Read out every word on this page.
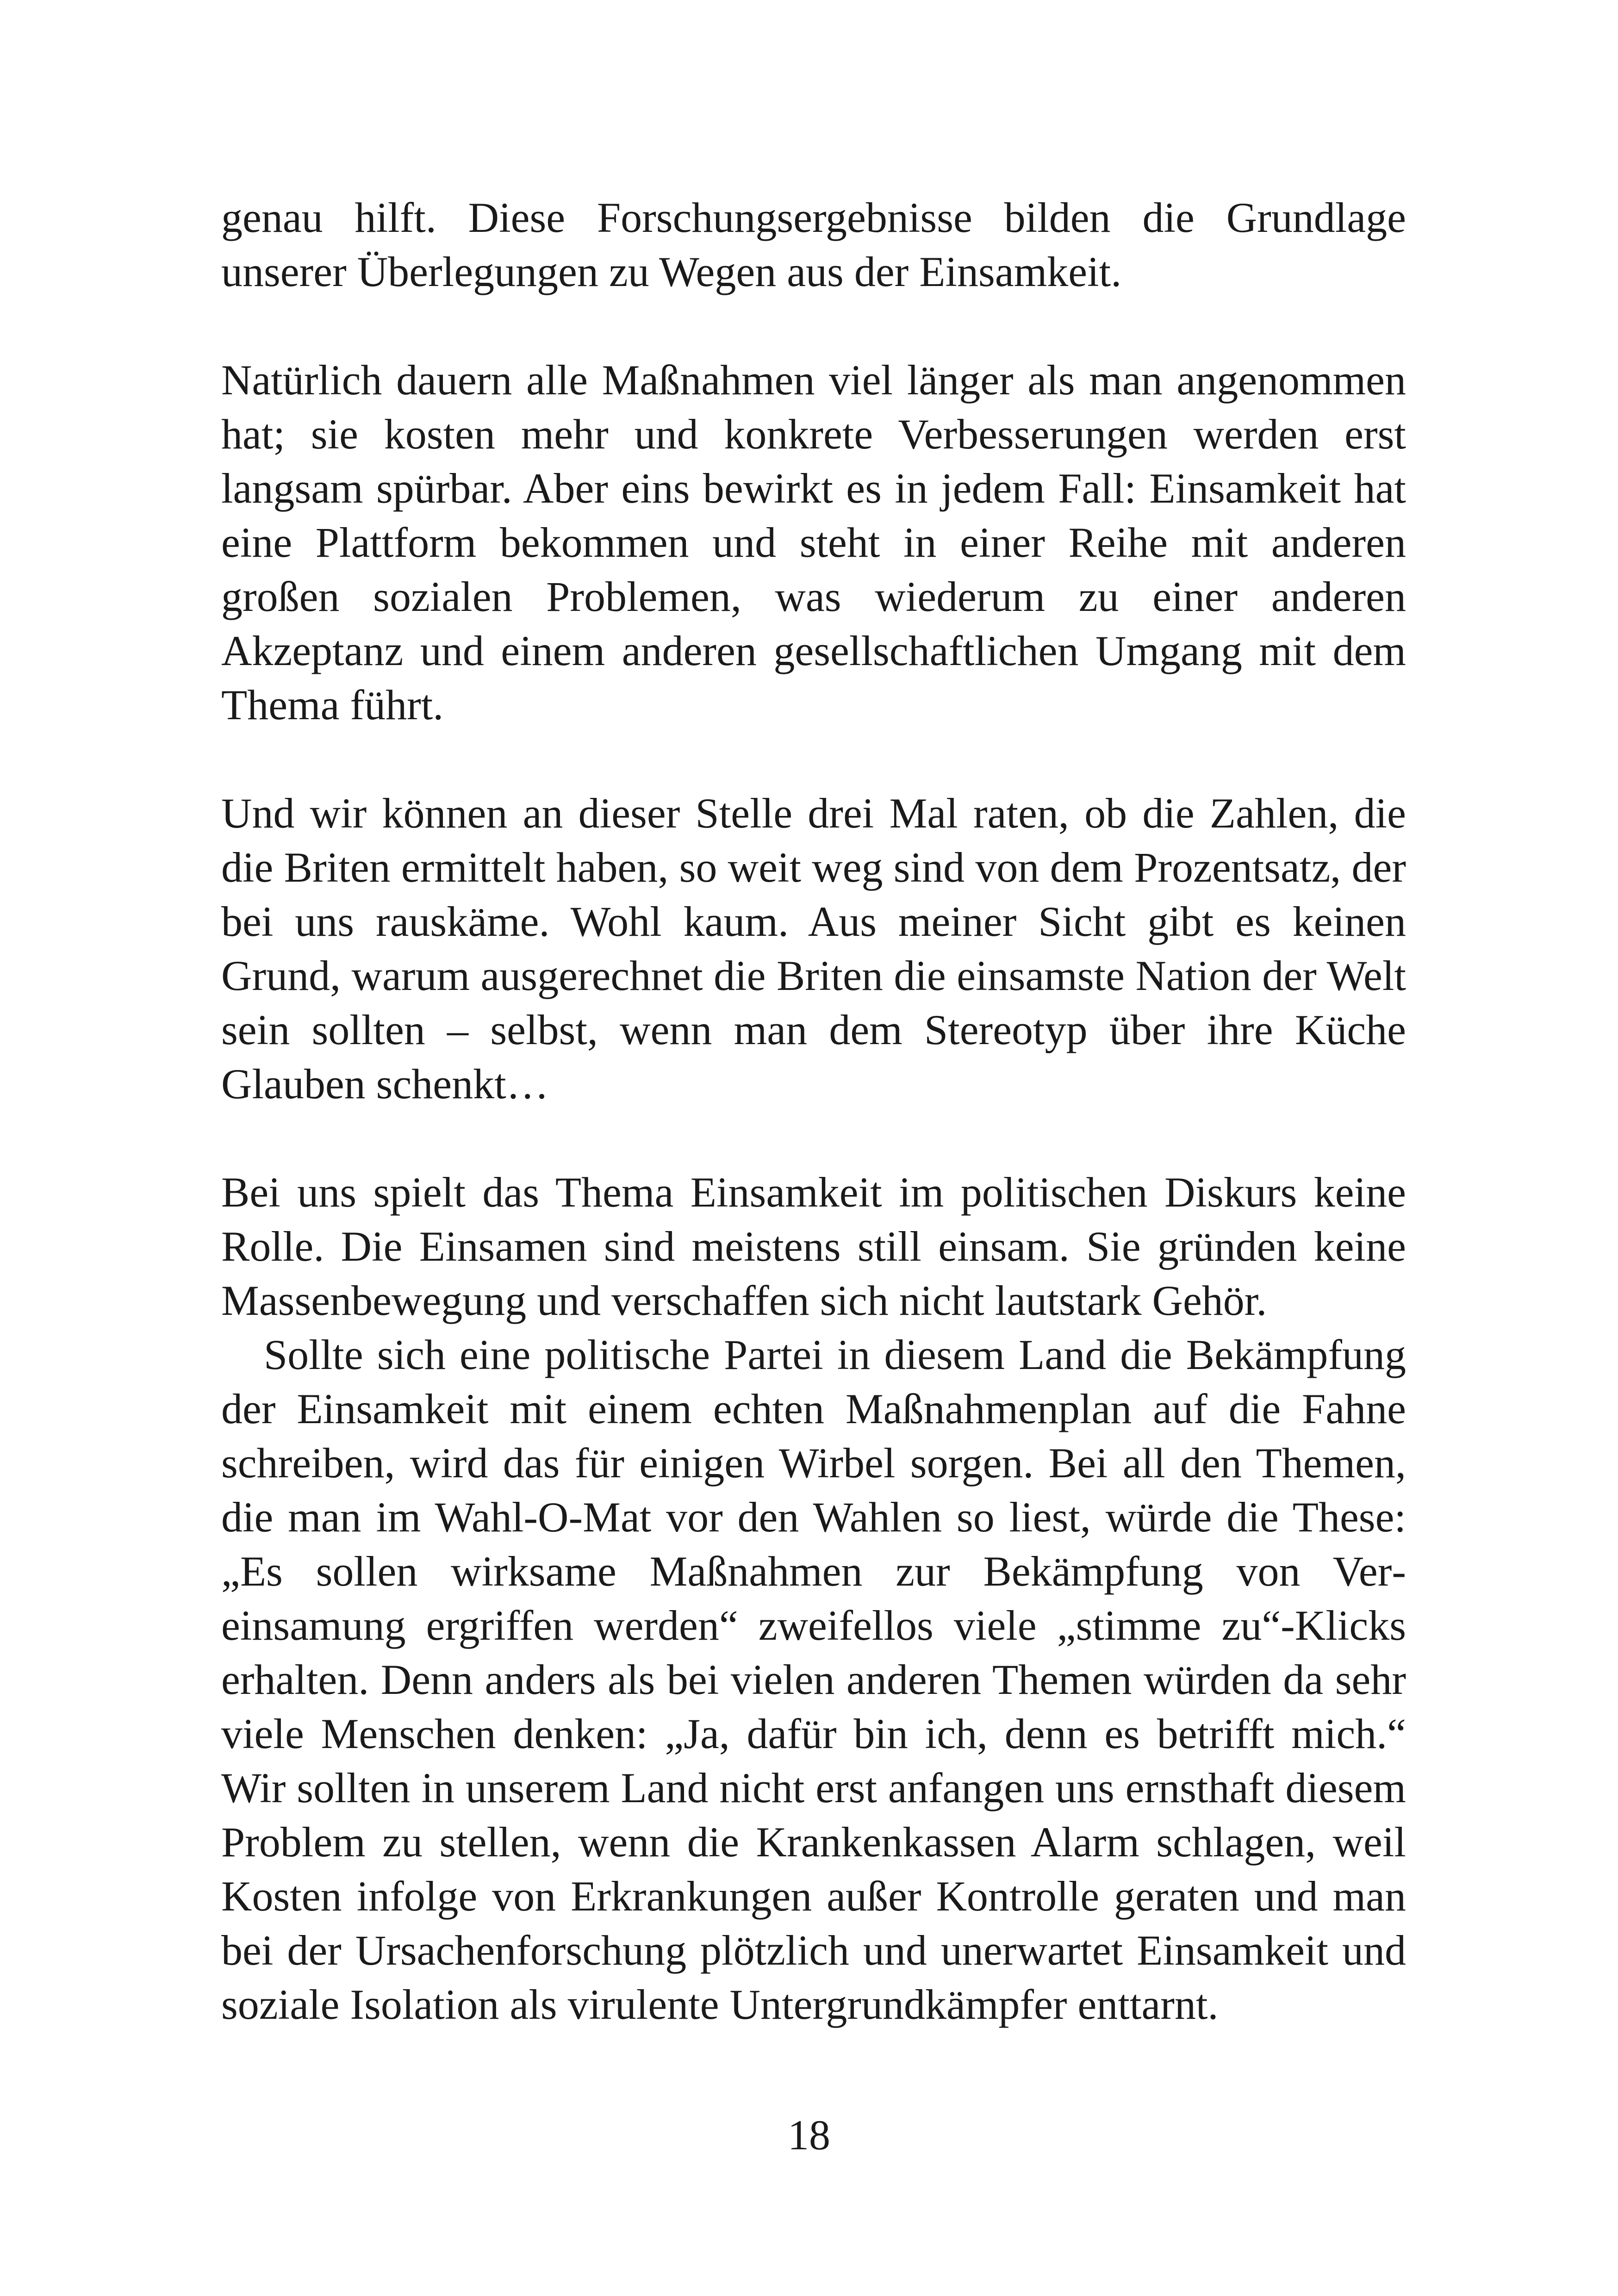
genau hilft. Diese Forschungsergebnisse bilden die Grundlage unserer Überlegungen zu Wegen aus der Einsamkeit.

Natürlich dauern alle Maßnahmen viel länger als man angenommen hat; sie kosten mehr und konkrete Verbesserungen werden erst langsam spürbar. Aber eins bewirkt es in jedem Fall: Einsamkeit hat eine Plattform bekommen und steht in einer Reihe mit anderen großen sozialen Problemen, was wiederum zu einer anderen Akzeptanz und einem anderen gesellschaftlichen Umgang mit dem Thema führt.

Und wir können an dieser Stelle drei Mal raten, ob die Zahlen, die die Briten ermittelt haben, so weit weg sind von dem Prozentsatz, der bei uns rauskäme. Wohl kaum. Aus meiner Sicht gibt es keinen Grund, warum ausgerechnet die Briten die einsamste Nation der Welt sein sollten – selbst, wenn man dem Stereotyp über ihre Küche Glauben schenkt…

Bei uns spielt das Thema Einsamkeit im politischen Diskurs keine Rolle. Die Einsamen sind meistens still einsam. Sie gründen keine Massenbewegung und verschaffen sich nicht lautstark Gehör.

Sollte sich eine politische Partei in diesem Land die Bekämpfung der Einsamkeit mit einem echten Maßnahmenplan auf die Fahne schreiben, wird das für einigen Wirbel sorgen. Bei all den Themen, die man im Wahl-O-Mat vor den Wahlen so liest, würde die These: „Es sollen wirksame Maßnahmen zur Bekämpfung von Vereinsamung ergriffen werden“ zweifellos viele „stimme zu“-Klicks erhalten. Denn anders als bei vielen anderen Themen würden da sehr viele Menschen denken: „Ja, dafür bin ich, denn es betrifft mich.“ Wir sollten in unserem Land nicht erst anfangen uns ernsthaft diesem Problem zu stellen, wenn die Krankenkassen Alarm schlagen, weil Kosten infolge von Erkrankungen außer Kontrolle geraten und man bei der Ursachenforschung plötzlich und unerwartet Einsamkeit und soziale Isolation als virulente Untergrundkämpfer enttarnt.

18
